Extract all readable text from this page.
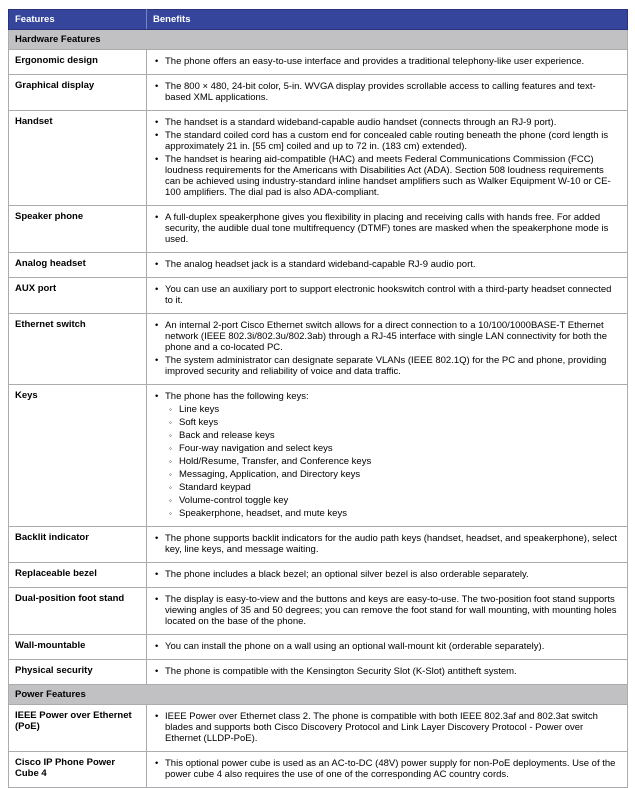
Features	Benefits
Hardware Features	
Ergonomic design	• The phone offers an easy-to-use interface and provides a traditional telephony-like user experience.

Graphical display	• The 800 × 480, 24-bit color, 5-in. WVGA display provides scrollable access to calling features and text-based XML applications.

Handset	• The handset is a standard wideband-capable audio handset (connects through an RJ-9 port).
• The standard coiled cord has a custom end for concealed cable routing beneath the phone (cord length is approximately 21 in. [55 cm] coiled and up to 72 in. (183 cm) extended).
• The handset is hearing aid-compatible (HAC) and meets Federal Communications Commission (FCC) loudness requirements for the Americans with Disabilities Act (ADA). Section 508 loudness requirements can be achieved using industry-standard inline handset amplifiers such as Walker Equipment W-10 or CE-100 amplifiers. The dial pad is also ADA-compliant.

Speaker phone	• A full-duplex speakerphone gives you flexibility in placing and receiving calls with hands free. For added security, the audible dual tone multifrequency (DTMF) tones are masked when the speakerphone mode is used.

Analog headset	• The analog headset jack is a standard wideband-capable RJ-9 audio port.

AUX port	• You can use an auxiliary port to support electronic hookswitch control with a third-party headset connected to it.

Ethernet switch	• An internal 2-port Cisco Ethernet switch allows for a direct connection to a 10/100/1000BASE-T Ethernet network (IEEE 802.3i/802.3u/802.3ab) through a RJ-45 interface with single LAN connectivity for both the phone and a co-located PC.
• The system administrator can designate separate VLANs (IEEE 802.1Q) for the PC and phone, providing improved security and reliability of voice and data traffic.

Keys	• The phone has the following keys:
◦ Line keys
◦ Soft keys
◦ Back and release keys
◦ Four-way navigation and select keys
◦ Hold/Resume, Transfer, and Conference keys
◦ Messaging, Application, and Directory keys
◦ Standard keypad
◦ Volume-control toggle key
◦ Speakerphone, headset, and mute keys

Backlit indicator	• The phone supports backlit indicators for the audio path keys (handset, headset, and speakerphone), select key, line keys, and message waiting.

Replaceable bezel	• The phone includes a black bezel; an optional silver bezel is also orderable separately.

Dual-position foot stand	• The display is easy-to-view and the buttons and keys are easy-to-use. The two-position foot stand supports viewing angles of 35 and 50 degrees; you can remove the foot stand for wall mounting, with mounting holes located on the base of the phone.

Wall-mountable	• You can install the phone on a wall using an optional wall-mount kit (orderable separately).

Physical security	• The phone is compatible with the Kensington Security Slot (K-Slot) antitheft system.

Power Features	
IEEE Power over Ethernet (PoE)	• IEEE Power over Ethernet class 2. The phone is compatible with both IEEE 802.3af and 802.3at switch blades and supports both Cisco Discovery Protocol and Link Layer Discovery Protocol - Power over Ethernet (LLDP-PoE).

Cisco IP Phone Power Cube 4	• This optional power cube is used as an AC-to-DC (48V) power supply for non-PoE deployments. Use of the power cube 4 also requires the use of one of the corresponding AC country cords.
